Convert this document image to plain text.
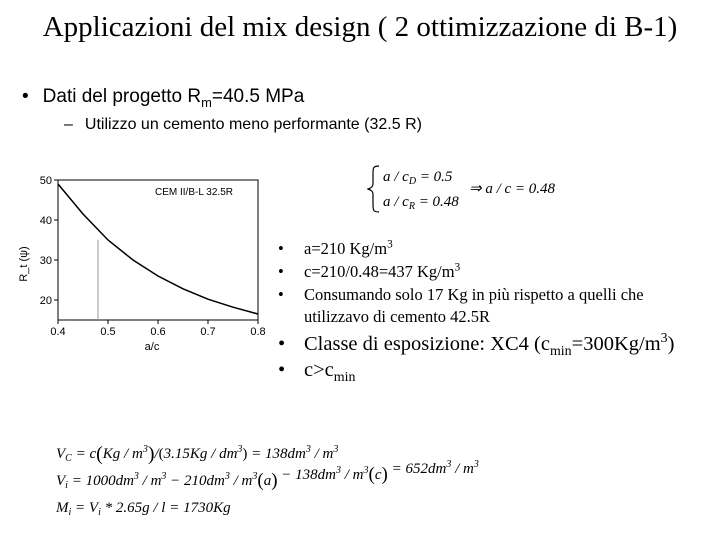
Applicazioni del mix design ( 2 ottimizzazione di B-1)
• Dati del progetto $R_m=40.5$ MPa
– Utilizzo un cemento meno performante (32.5 R)
CEM II/B-L 32.5R
0.4	0.5	0.6	0.7	0.8
20
30
40
50
a/c
R_t (ψ)
$a / c_D = 0.5$
$a / c_R = 0.48$
⇒ a / c = 0.48
• a=210 $Kg/m^3$
• c=210/0.48=437 $Kg/m^3$
• Consumando solo 17 Kg in più rispetto a quelli che utilizzavo di cemento 42.5R
• Classe di esposizione: XC4 $(c_{min}=300Kg/m^3)$
• $c>c_{min}$
$V_C = c(Kg / m^3)/(3.15Kg / dm^3) = 138dm^3 / m^3$
$V_i = 1000dm^3 / m^3 - 210dm^3 / m^3(a) - 138dm^3 / m^3(c) = 652dm^3 / m^3$
$M_i = V_i * 2.65g / l = 1730Kg$
